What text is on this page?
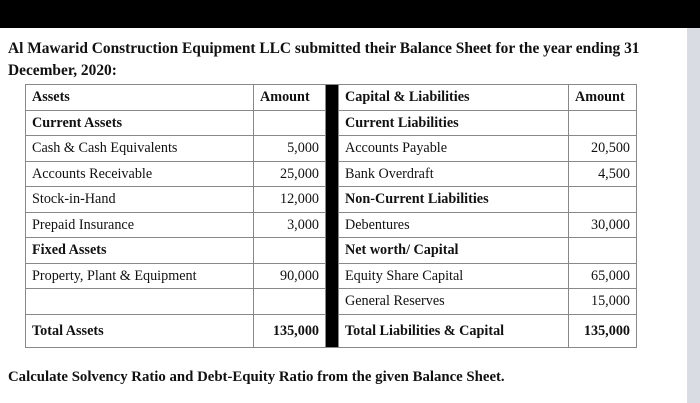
Al Mawarid Construction Equipment LLC submitted their Balance Sheet for the year ending 31 December, 2020:

Assets	Amount		Capital & Liabilities	Amount
Current Assets			Current Liabilities	
Cash & Cash Equivalents	5,000		Accounts Payable	20,500
Accounts Receivable	25,000		Bank Overdraft	4,500
Stock-in-Hand	12,000		Non-Current Liabilities	
Prepaid Insurance	3,000		Debentures	30,000
Fixed Assets			Net worth/ Capital	
Property, Plant & Equipment	90,000		Equity Share Capital	65,000
			General Reserves	15,000
Total Assets	135,000		Total Liabilities & Capital	135,000

Calculate Solvency Ratio and Debt-Equity Ratio from the given Balance Sheet.
